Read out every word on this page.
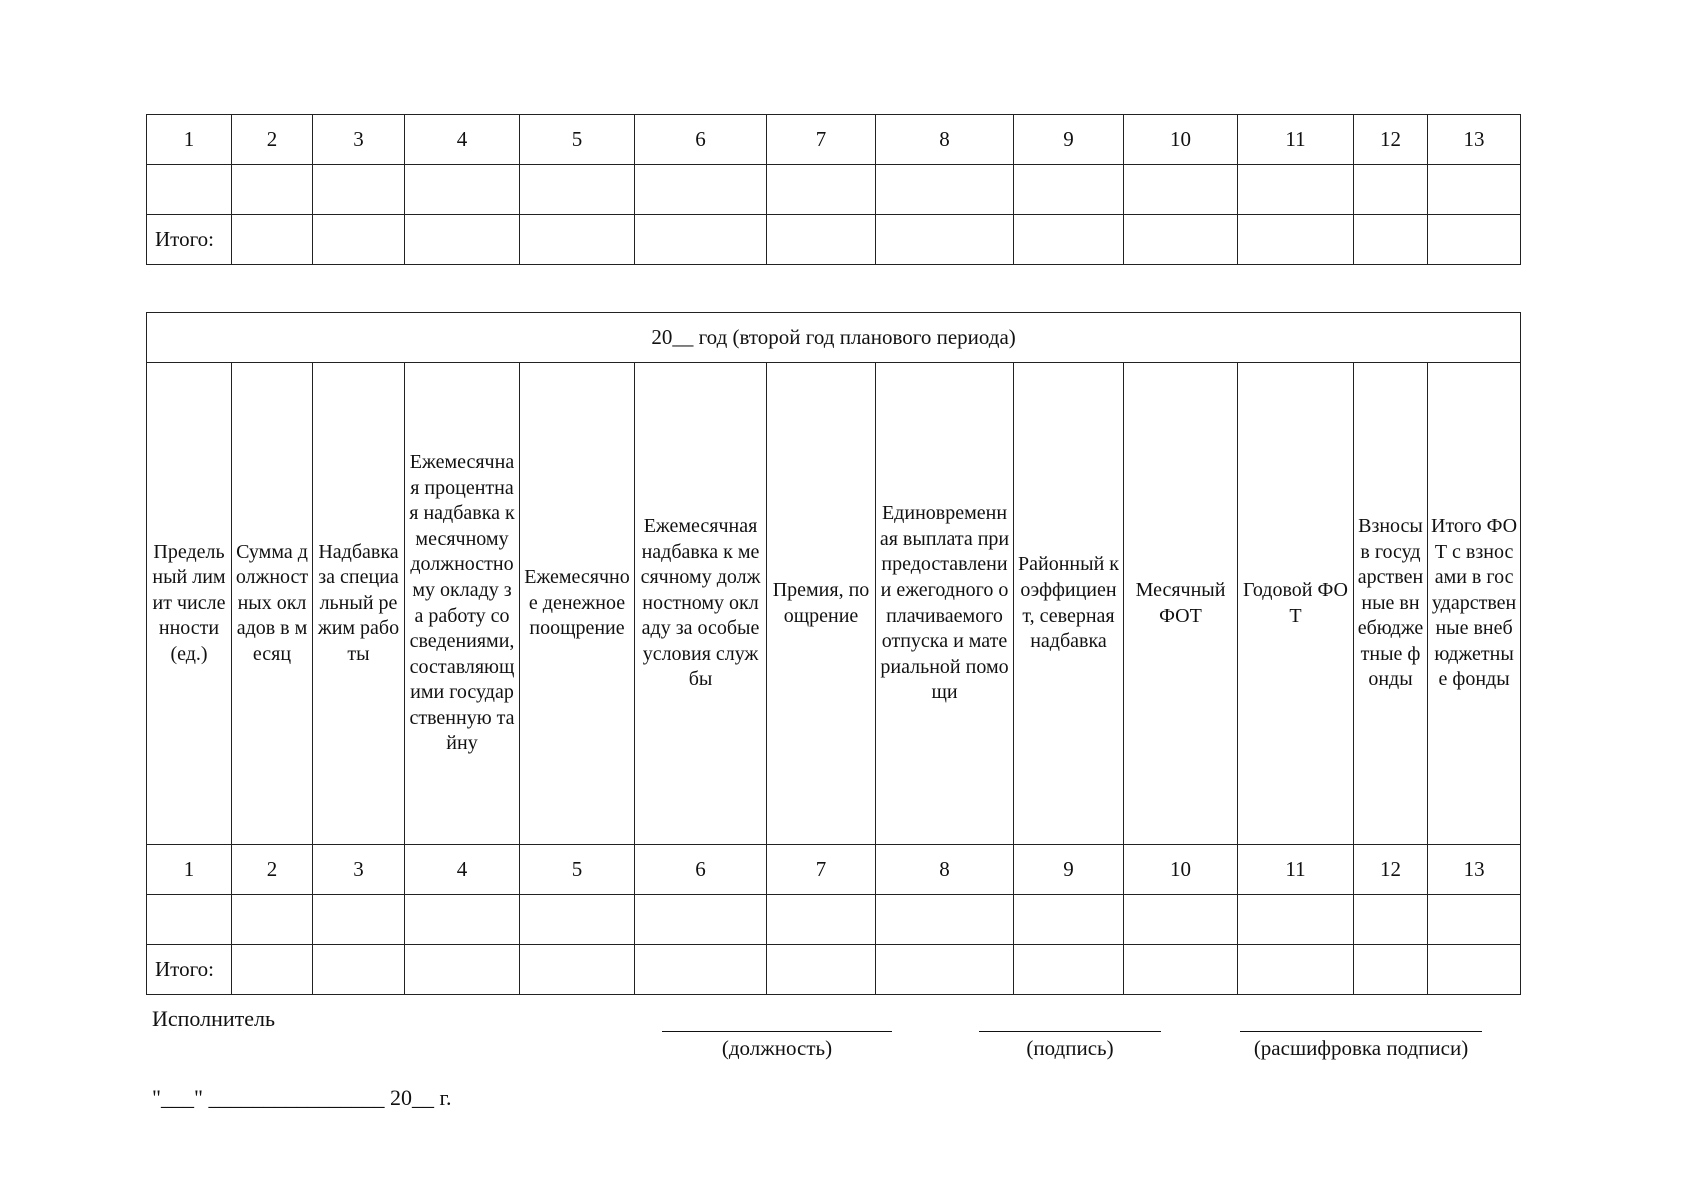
1	2	3	4	5	6	7	8	9	10	11	12	13

Итого:												
20__ год (второй год планового периода)												
Предельный лимит численности (ед.)	Сумма должностных окладов в месяц	Надбавка за специальный режим работы	Ежемесячная процентная надбавка к месячному должностному окладу за работу со сведениями, составляющими государственную тайну	Ежемесячное денежное поощрение	Ежемесячная надбавка к месячному должностному окладу за особые условия службы	Премия, поощрение	Единовременная выплата при предоставлении ежегодного оплачиваемого отпуска и материальной помощи	Районный коэффициент, северная надбавка	Месячный ФОТ	Годовой ФОТ	Взносы в государственные внебюджетные фонды	Итого ФОТ с взносами в государственные внебюджетные фонды
1	2	3	4	5	6	7	8	9	10	11	12	13

Итого:												
Исполнитель
(должность)	(подпись)	(расшифровка подписи)
"___" ________________ 20__ г.
